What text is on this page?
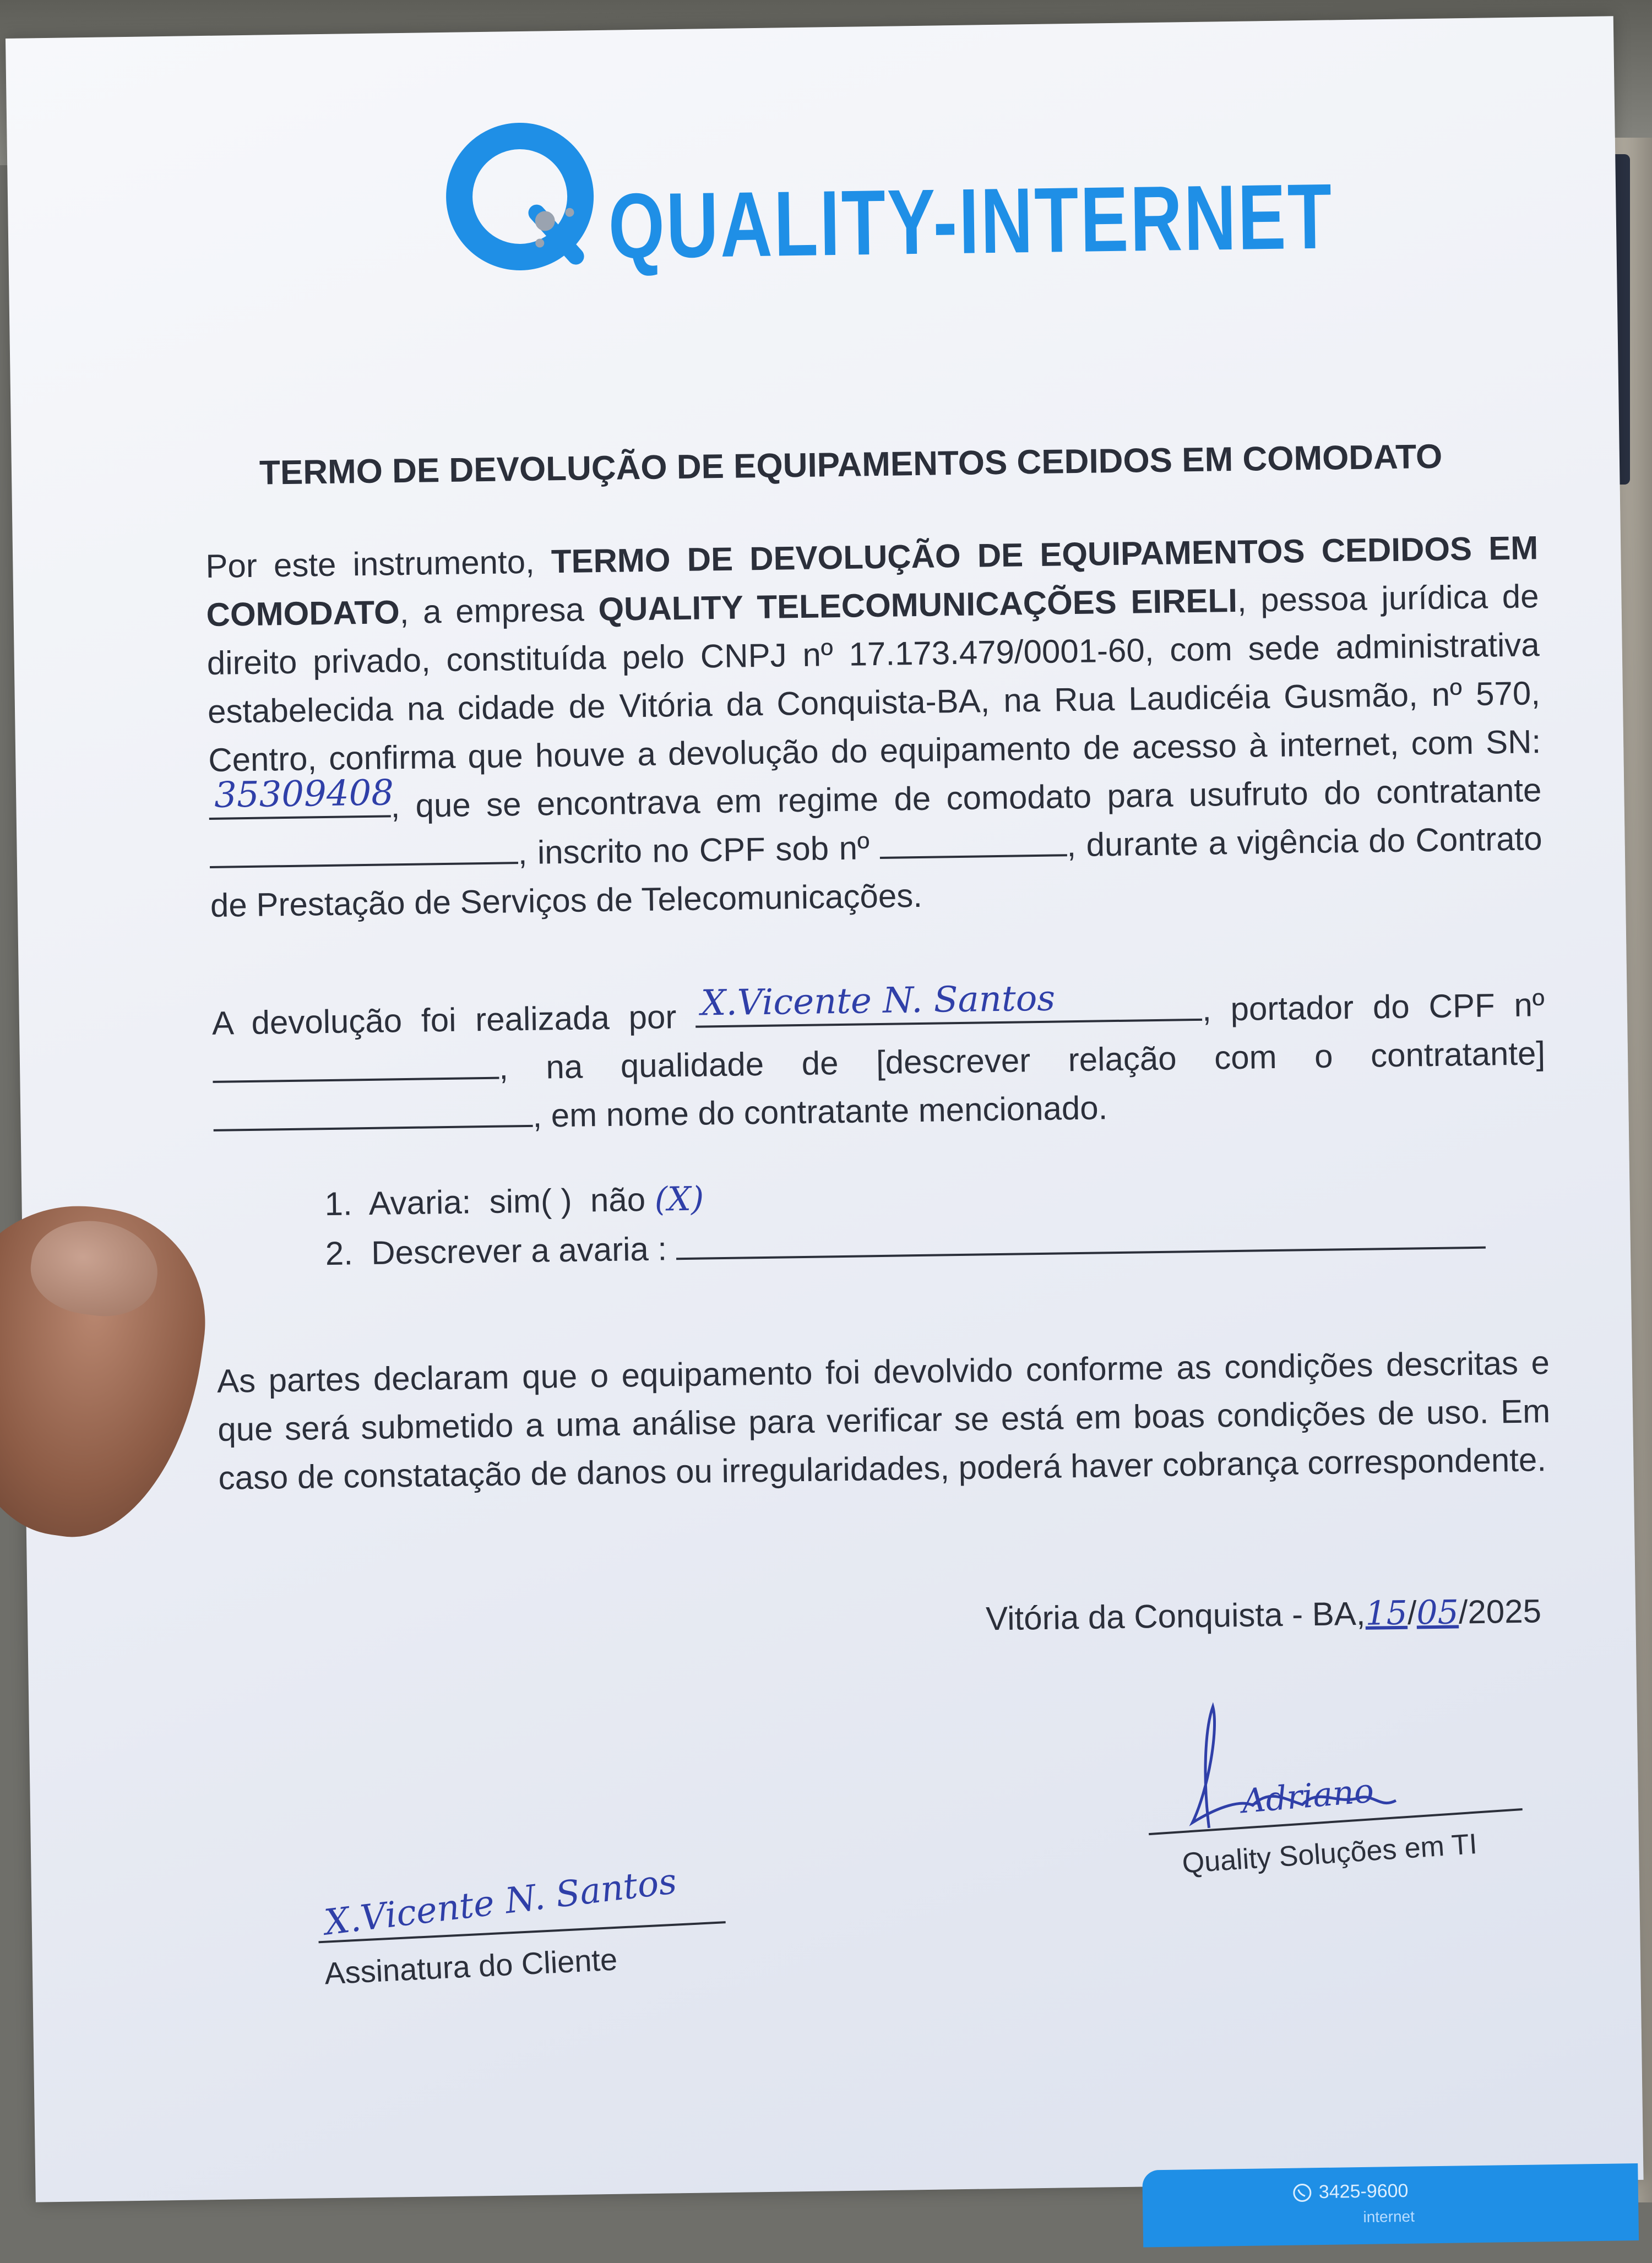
QUALITY-INTERNET
TERMO DE DEVOLUÇÃO DE EQUIPAMENTOS CEDIDOS EM COMODATO
Por este instrumento, TERMO DE DEVOLUÇÃO DE EQUIPAMENTOS CEDIDOS EM COMODATO, a empresa QUALITY TELECOMUNICAÇÕES EIRELI, pessoa jurídica de direito privado, constituída pelo CNPJ nº 17.173.479/0001-60, com sede administrativa estabelecida na cidade de Vitória da Conquista-BA, na Rua Laudicéia Gusmão, nº 570, Centro, confirma que houve a devolução do equipamento de acesso à internet, com SN:
35309408
, que se encontrava em regime de comodato para usufruto do contratante , inscrito no CPF sob nº	, durante a vigência do Contrato de Prestação de Serviços de Telecomunicações.
A devolução foi realizada por X.Vicente N. Santos	, portador do CPF nº , na qualidade de [descrever relação com o contratante], em nome do contratante mencionado.
1. Avaria: sim( ) não (X)
2. Descrever a avaria :
As partes declaram que o equipamento foi devolvido conforme as condições descritas e que será submetido a uma análise para verificar se está em boas condições de uso. Em caso de constatação de danos ou irregularidades, poderá haver cobrança correspondente.
Vitória da Conquista - BA,15/05/2025
Adriano
Quality Soluções em TI
X.Vicente N. Santos
Assinatura do Cliente
3425-9600
internet
